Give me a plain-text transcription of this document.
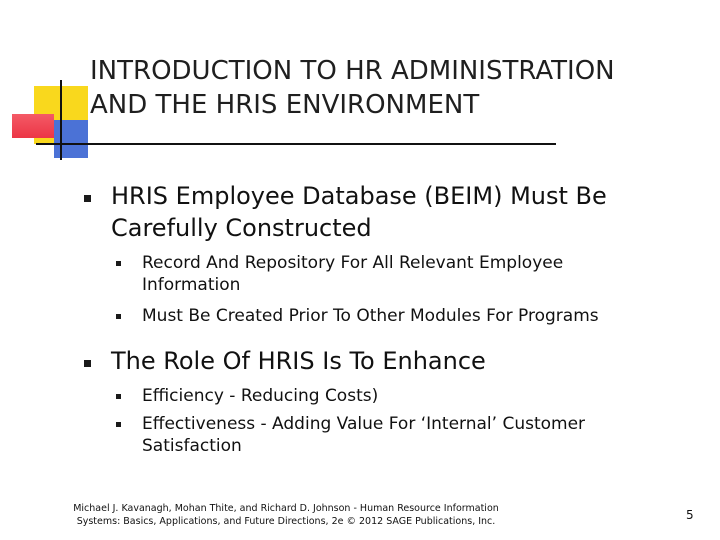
INTRODUCTION TO HR ADMINISTRATION
AND THE HRIS ENVIRONMENT
HRIS Employee Database (BEIM) Must Be
Carefully Constructed
Record And Repository For All Relevant Employee
Information
Must Be Created Prior To Other Modules For Programs
The Role Of HRIS Is To Enhance
Efficiency - Reducing Costs)
Effectiveness - Adding Value For ‘Internal’ Customer
Satisfaction
Michael J. Kavanagh, Mohan Thite, and Richard D. Johnson - Human Resource Information
Systems: Basics, Applications, and Future Directions, 2e © 2012 SAGE Publications, Inc.	5
